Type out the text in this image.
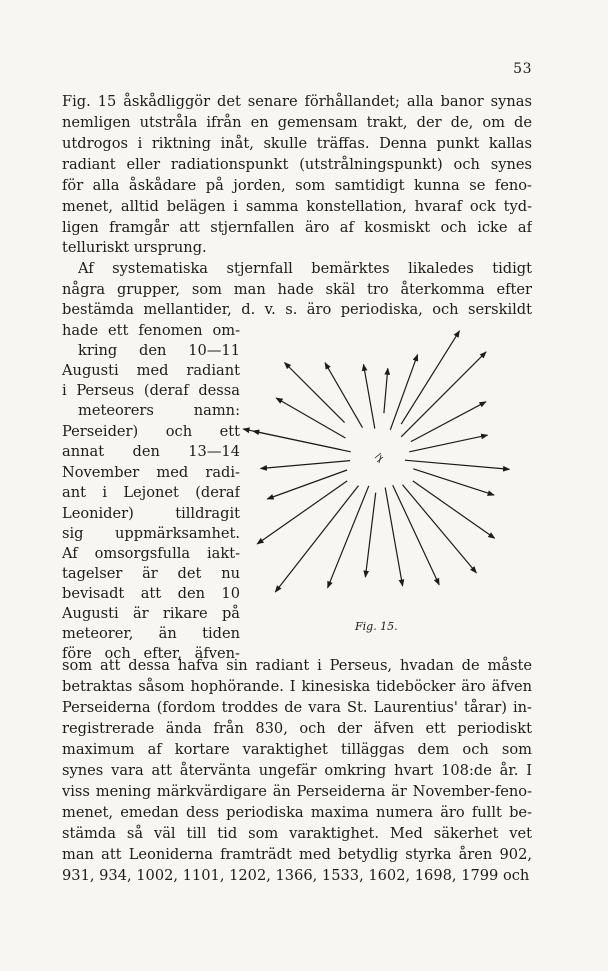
53
Fig. 15 åskådliggör det senare förhållandet; alla banor synas
nemligen utstråla ifrån en gemensam trakt, der de, om de
utdrogos i riktning inåt, skulle träffas. Denna punkt kallas
radiant eller radiationspunkt (utstrålningspunkt) och synes
för alla åskådare på jorden, som samtidigt kunna se feno-
menet, alltid belägen i samma konstellation, hvaraf ock tyd-
ligen framgår att stjernfallen äro af kosmiskt och icke af
telluriskt ursprung.
Af systematiska stjernfall bemärktes likaledes tidigt
några grupper, som man hade skäl tro återkomma efter
bestämda mellantider, d. v. s. äro periodiska, och serskildt
hade ett fenomen om-
kring den 10—11
Augusti med radiant
i Perseus (deraf dessa
meteorers namn:
Perseider) och ett
annat den 13—14
November med radi-
ant i Lejonet (deraf
Leonider) tilldragit
sig uppmärksamhet.
Af omsorgsfulla iakt-
tagelser är det nu
bevisadt att den 10
Augusti är rikare på
meteorer, än tiden
före och efter, äfven-
Fig. 15.
som att dessa hafva sin radiant i Perseus, hvadan de måste
betraktas såsom hophörande. I kinesiska tideböcker äro äfven
Perseiderna (fordom troddes de vara St. Laurentius' tårar) in-
registrerade ända från 830, och der äfven ett periodiskt
maximum af kortare varaktighet tilläggas dem och som
synes vara att återvänta ungefär omkring hvart 108:de år. I
viss mening märkvärdigare än Perseiderna är November-feno-
menet, emedan dess periodiska maxima numera äro fullt be-
stämda så väl till tid som varaktighet. Med säkerhet vet
man att Leoniderna framträdt med betydlig styrka åren 902,
931, 934, 1002, 1101, 1202, 1366, 1533, 1602, 1698, 1799 och
